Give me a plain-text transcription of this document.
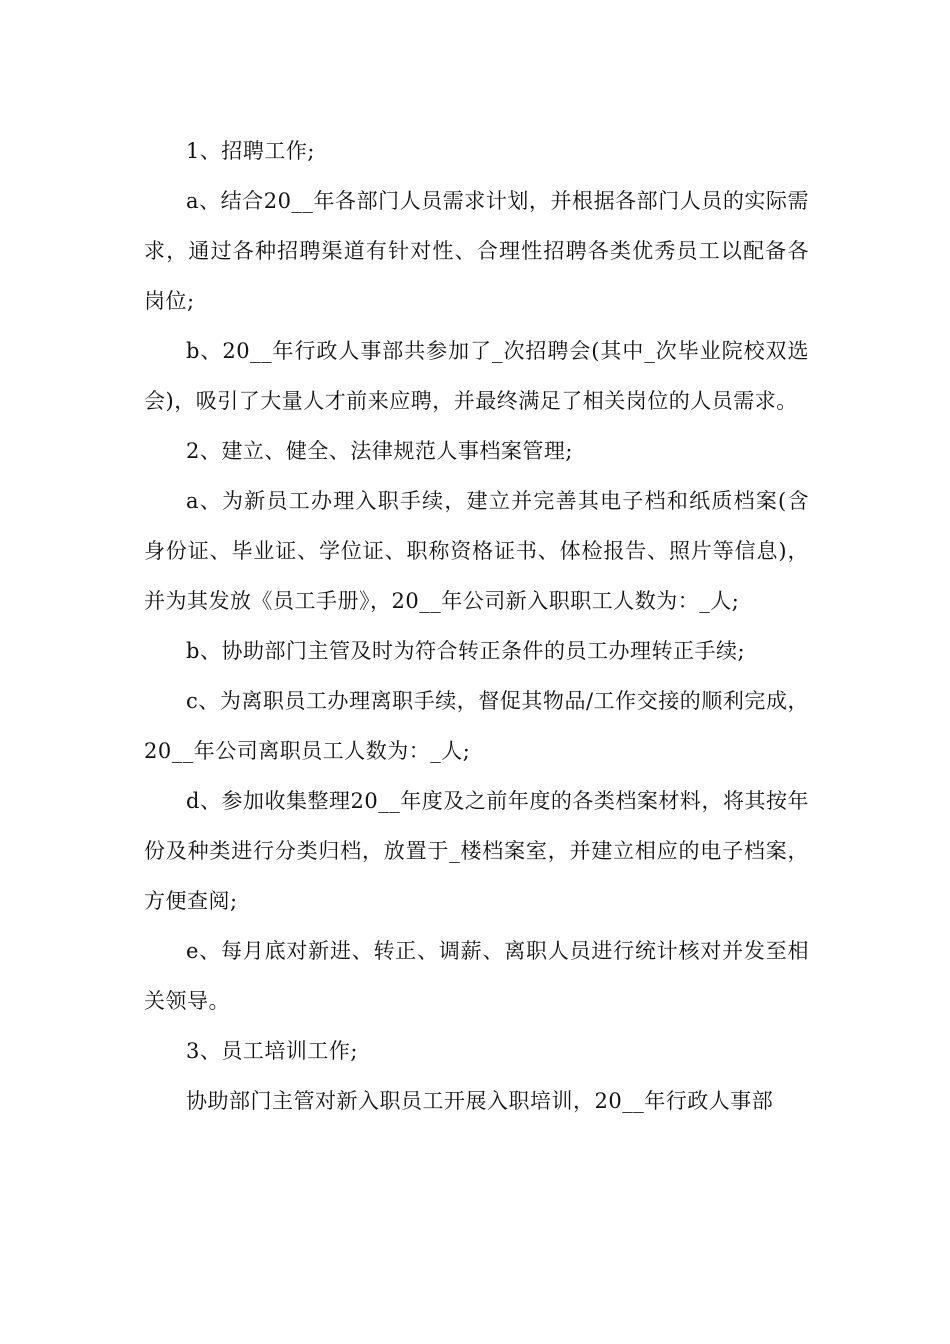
1、招聘工作;

a、结合20__年各部门人员需求计划，并根据各部门人员的实际需求，通过各种招聘渠道有针对性、合理性招聘各类优秀员工以配备各岗位;

b、20__年行政人事部共参加了_次招聘会(其中_次毕业院校双选会)，吸引了大量人才前来应聘，并最终满足了相关岗位的人员需求。

2、建立、健全、法律规范人事档案管理;

a、为新员工办理入职手续，建立并完善其电子档和纸质档案(含身份证、毕业证、学位证、职称资格证书、体检报告、照片等信息)，并为其发放《员工手册》，20__年公司新入职职工人数为：_人;

b、协助部门主管及时为符合转正条件的员工办理转正手续;

c、为离职员工办理离职手续，督促其物品/工作交接的顺利完成，20__年公司离职员工人数为：_人;

d、参加收集整理20__年度及之前年度的各类档案材料，将其按年份及种类进行分类归档，放置于_楼档案室，并建立相应的电子档案，方便查阅;

e、每月底对新进、转正、调薪、离职人员进行统计核对并发至相关领导。

3、员工培训工作;

协助部门主管对新入职员工开展入职培训，20__年行政人事部
